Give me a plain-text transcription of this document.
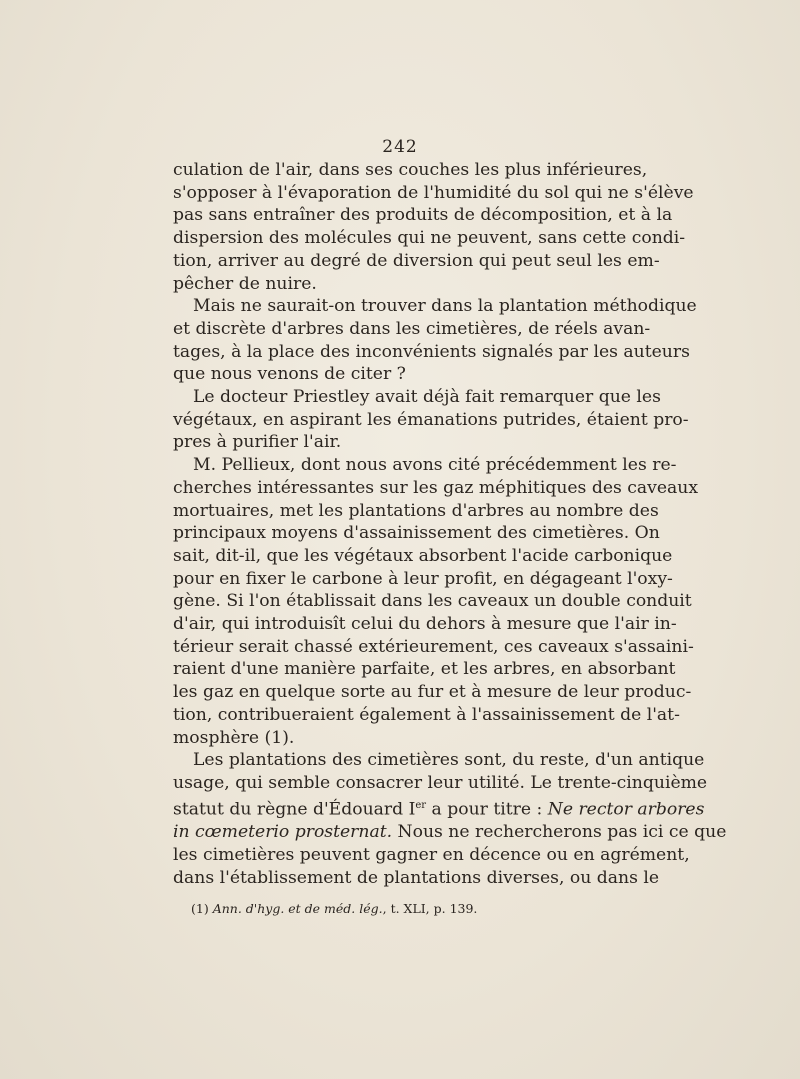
242
culation de l'air, dans ses couches les plus inférieures,
s'opposer à l'évaporation de l'humidité du sol qui ne s'élève
pas sans entraîner des produits de décomposition, et à la
dispersion des molécules qui ne peuvent, sans cette condi-
tion, arriver au degré de diversion qui peut seul les em-
pêcher de nuire.
Mais ne saurait-on trouver dans la plantation méthodique
et discrète d'arbres dans les cimetières, de réels avan-
tages, à la place des inconvénients signalés par les auteurs
que nous venons de citer ?
Le docteur Priestley avait déjà fait remarquer que les
végétaux, en aspirant les émanations putrides, étaient pro-
pres à purifier l'air.
M. Pellieux, dont nous avons cité précédemment les re-
cherches intéressantes sur les gaz méphitiques des caveaux
mortuaires, met les plantations d'arbres au nombre des
principaux moyens d'assainissement des cimetières. On
sait, dit-il, que les végétaux absorbent l'acide carbonique
pour en fixer le carbone à leur profit, en dégageant l'oxy-
gène. Si l'on établissait dans les caveaux un double conduit
d'air, qui introduisît celui du dehors à mesure que l'air in-
térieur serait chassé extérieurement, ces caveaux s'assaini-
raient d'une manière parfaite, et les arbres, en absorbant
les gaz en quelque sorte au fur et à mesure de leur produc-
tion, contribueraient également à l'assainissement de l'at-
mosphère (1).
Les plantations des cimetières sont, du reste, d'un antique
usage, qui semble consacrer leur utilité. Le trente-cinquième
statut du règne d'Édouard Ier a pour titre : Ne rector arbores
in cœmeterio prosternat. Nous ne rechercherons pas ici ce que
les cimetières peuvent gagner en décence ou en agrément,
dans l'établissement de plantations diverses, ou dans le
(1) Ann. d'hyg. et de méd. lég., t. XLI, p. 139.
